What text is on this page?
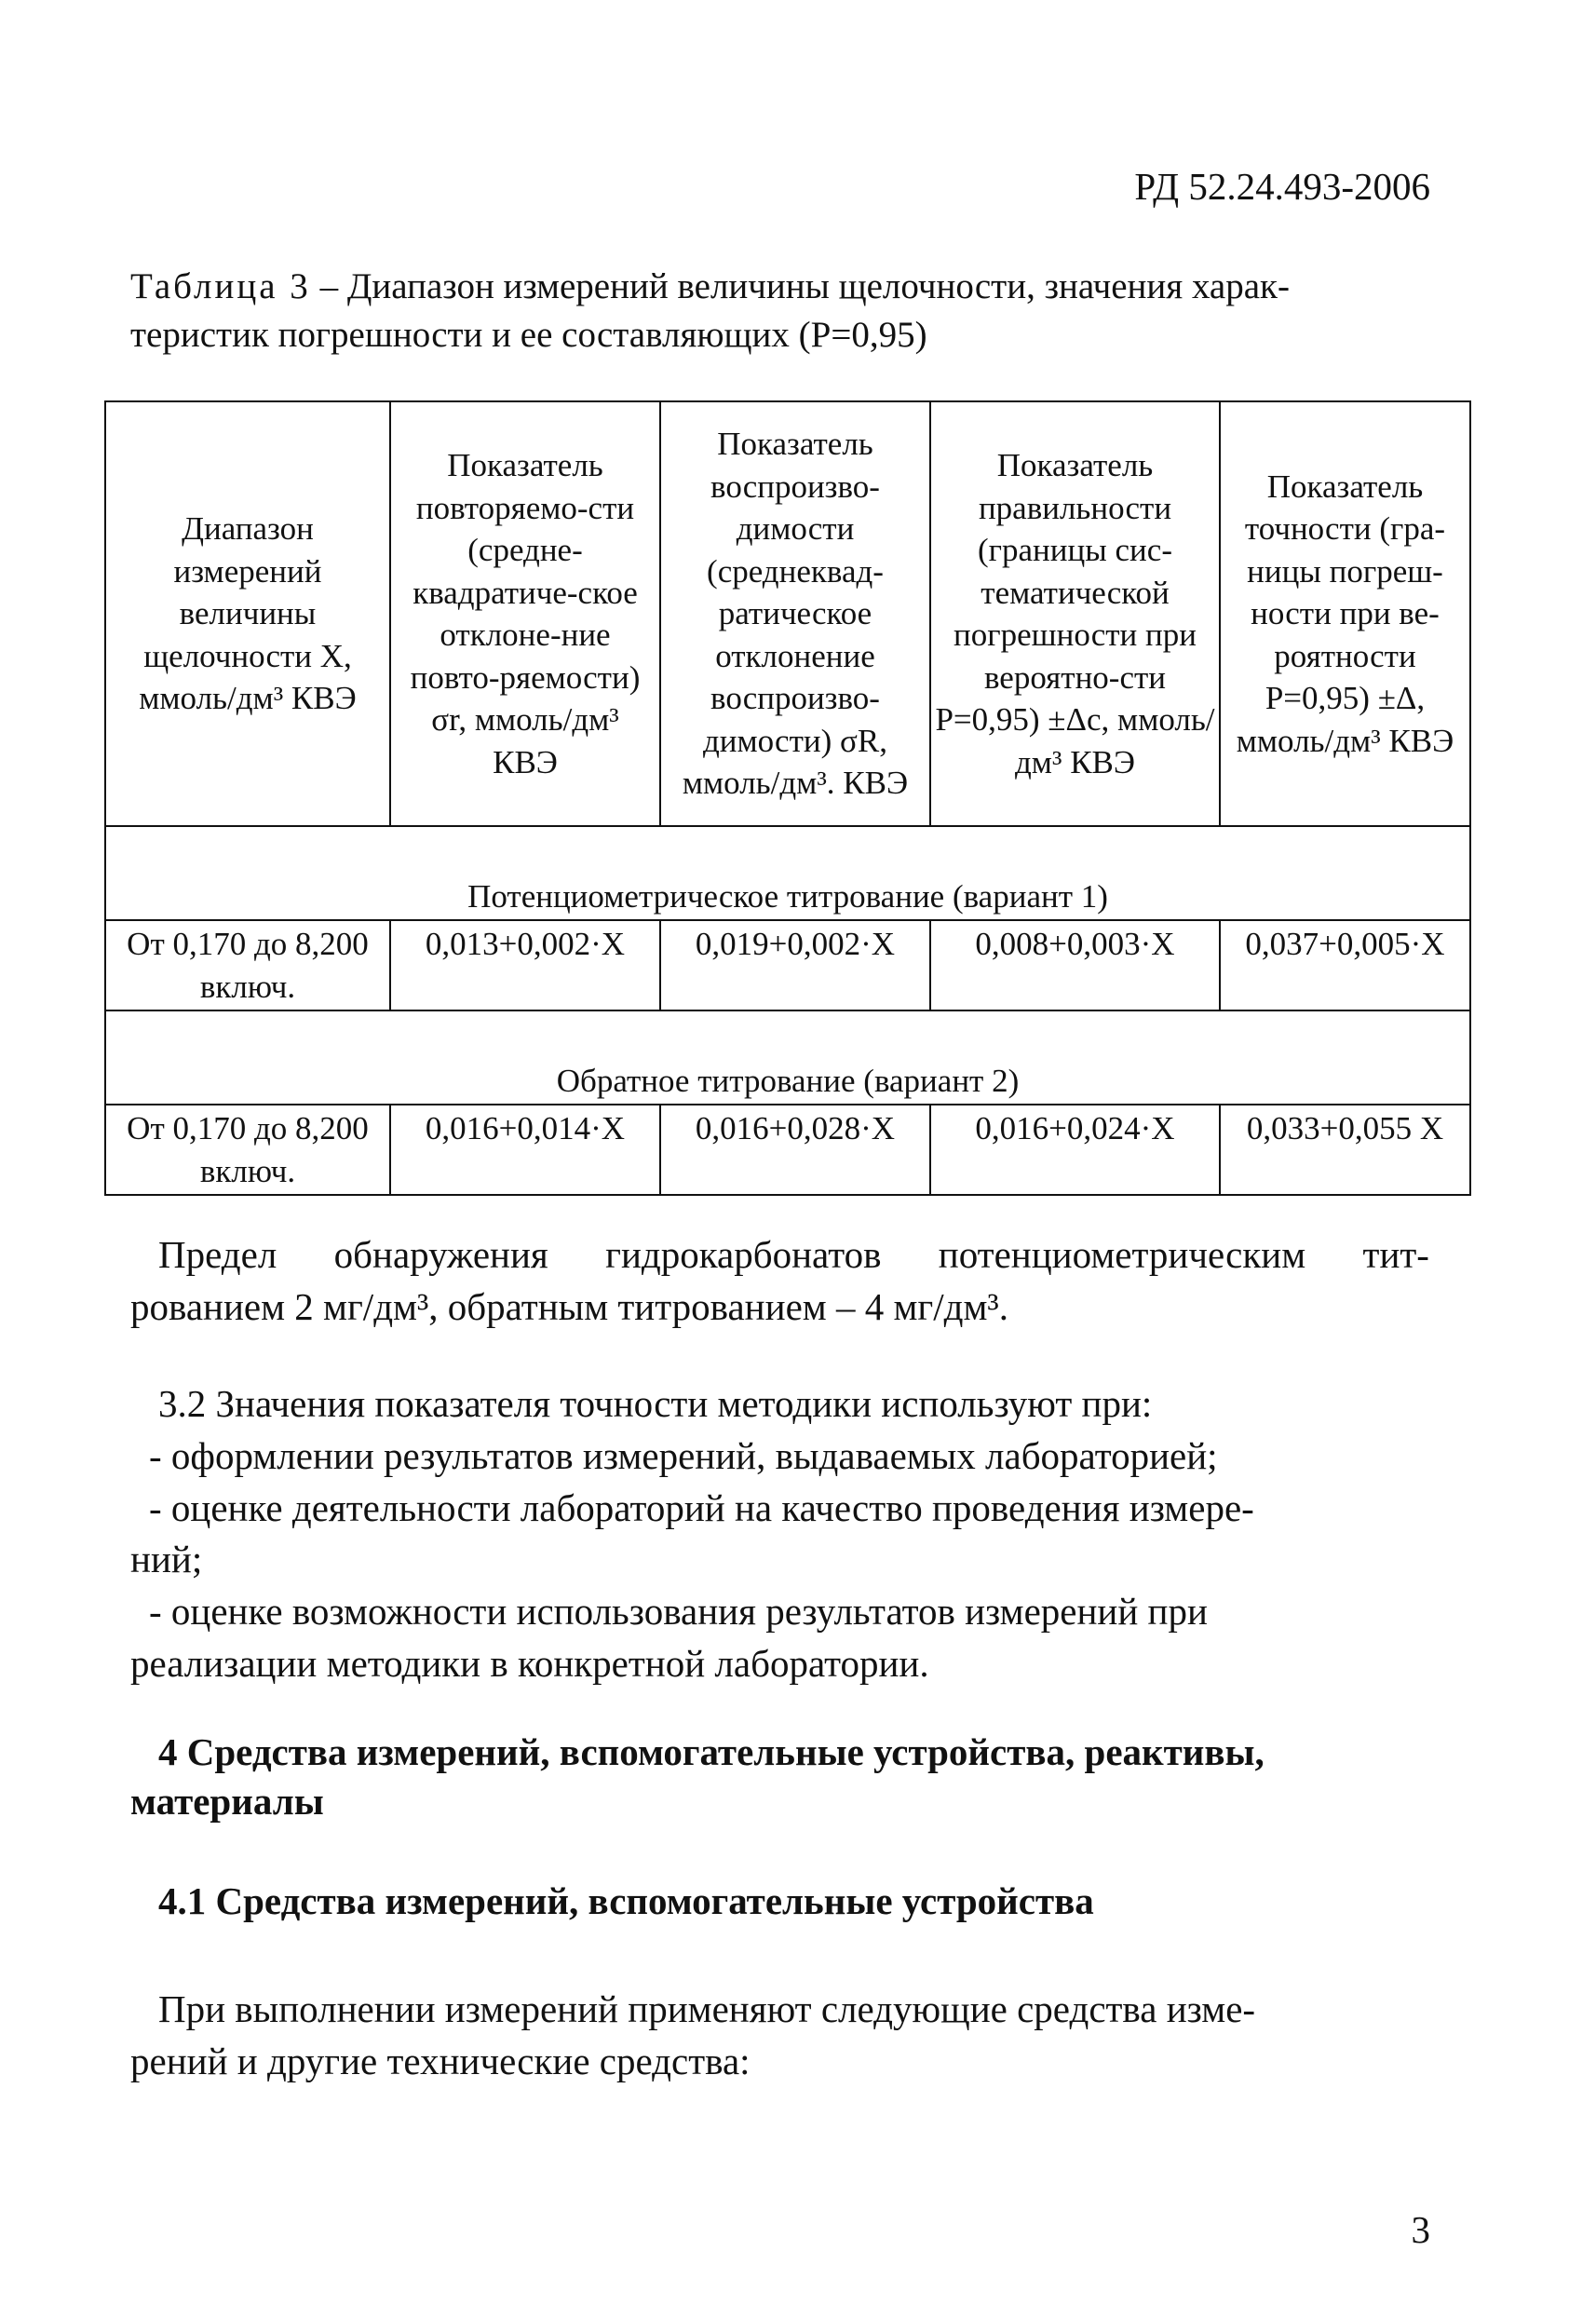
РД 52.24.493-2006
Таблица 3 – Диапазон измерений величины щелочности, значения харак-
теристик погрешности и ее составляющих (P=0,95)
Диапазон измерений величины щелочности X, ммоль/дм³ КВЭ	Показатель повторяемо-сти (средне-квадратиче-ское отклоне-ние повто-ряемости) σr, ммоль/дм³ КВЭ	Показатель воспроизво-димости (среднеквад-ратическое отклонение воспроизво-димости) σR, ммоль/дм³. КВЭ	Показатель правильности (границы сис-тематической погрешности при вероятно-сти P=0,95) ±Δc, ммоль/дм³ КВЭ	Показатель точности (гра-ницы погреш-ности при ве-роятности P=0,95) ±Δ, ммоль/дм³ КВЭ
Потенциометрическое титрование (вариант 1)				
От 0,170 до 8,200 включ.	0,013+0,002·X	0,019+0,002·X	0,008+0,003·X	0,037+0,005·X
Обратное титрование (вариант 2)				
От 0,170 до 8,200 включ.	0,016+0,014·X	0,016+0,028·X	0,016+0,024·X	0,033+0,055 X
Предел обнаружения гидрокарбонатов потенциометрическим тит-
рованием 2 мг/дм³, обратным титрованием – 4 мг/дм³.
3.2 Значения показателя точности методики используют при:
- оформлении результатов измерений, выдаваемых лабораторией;
- оценке деятельности лабораторий на качество проведения измере-
ний;
- оценке возможности использования результатов измерений при
реализации методики в конкретной лаборатории.
4 Средства измерений, вспомогательные устройства, реактивы,
материалы
4.1 Средства измерений, вспомогательные устройства
При выполнении измерений применяют следующие средства изме-
рений и другие технические средства:
3
